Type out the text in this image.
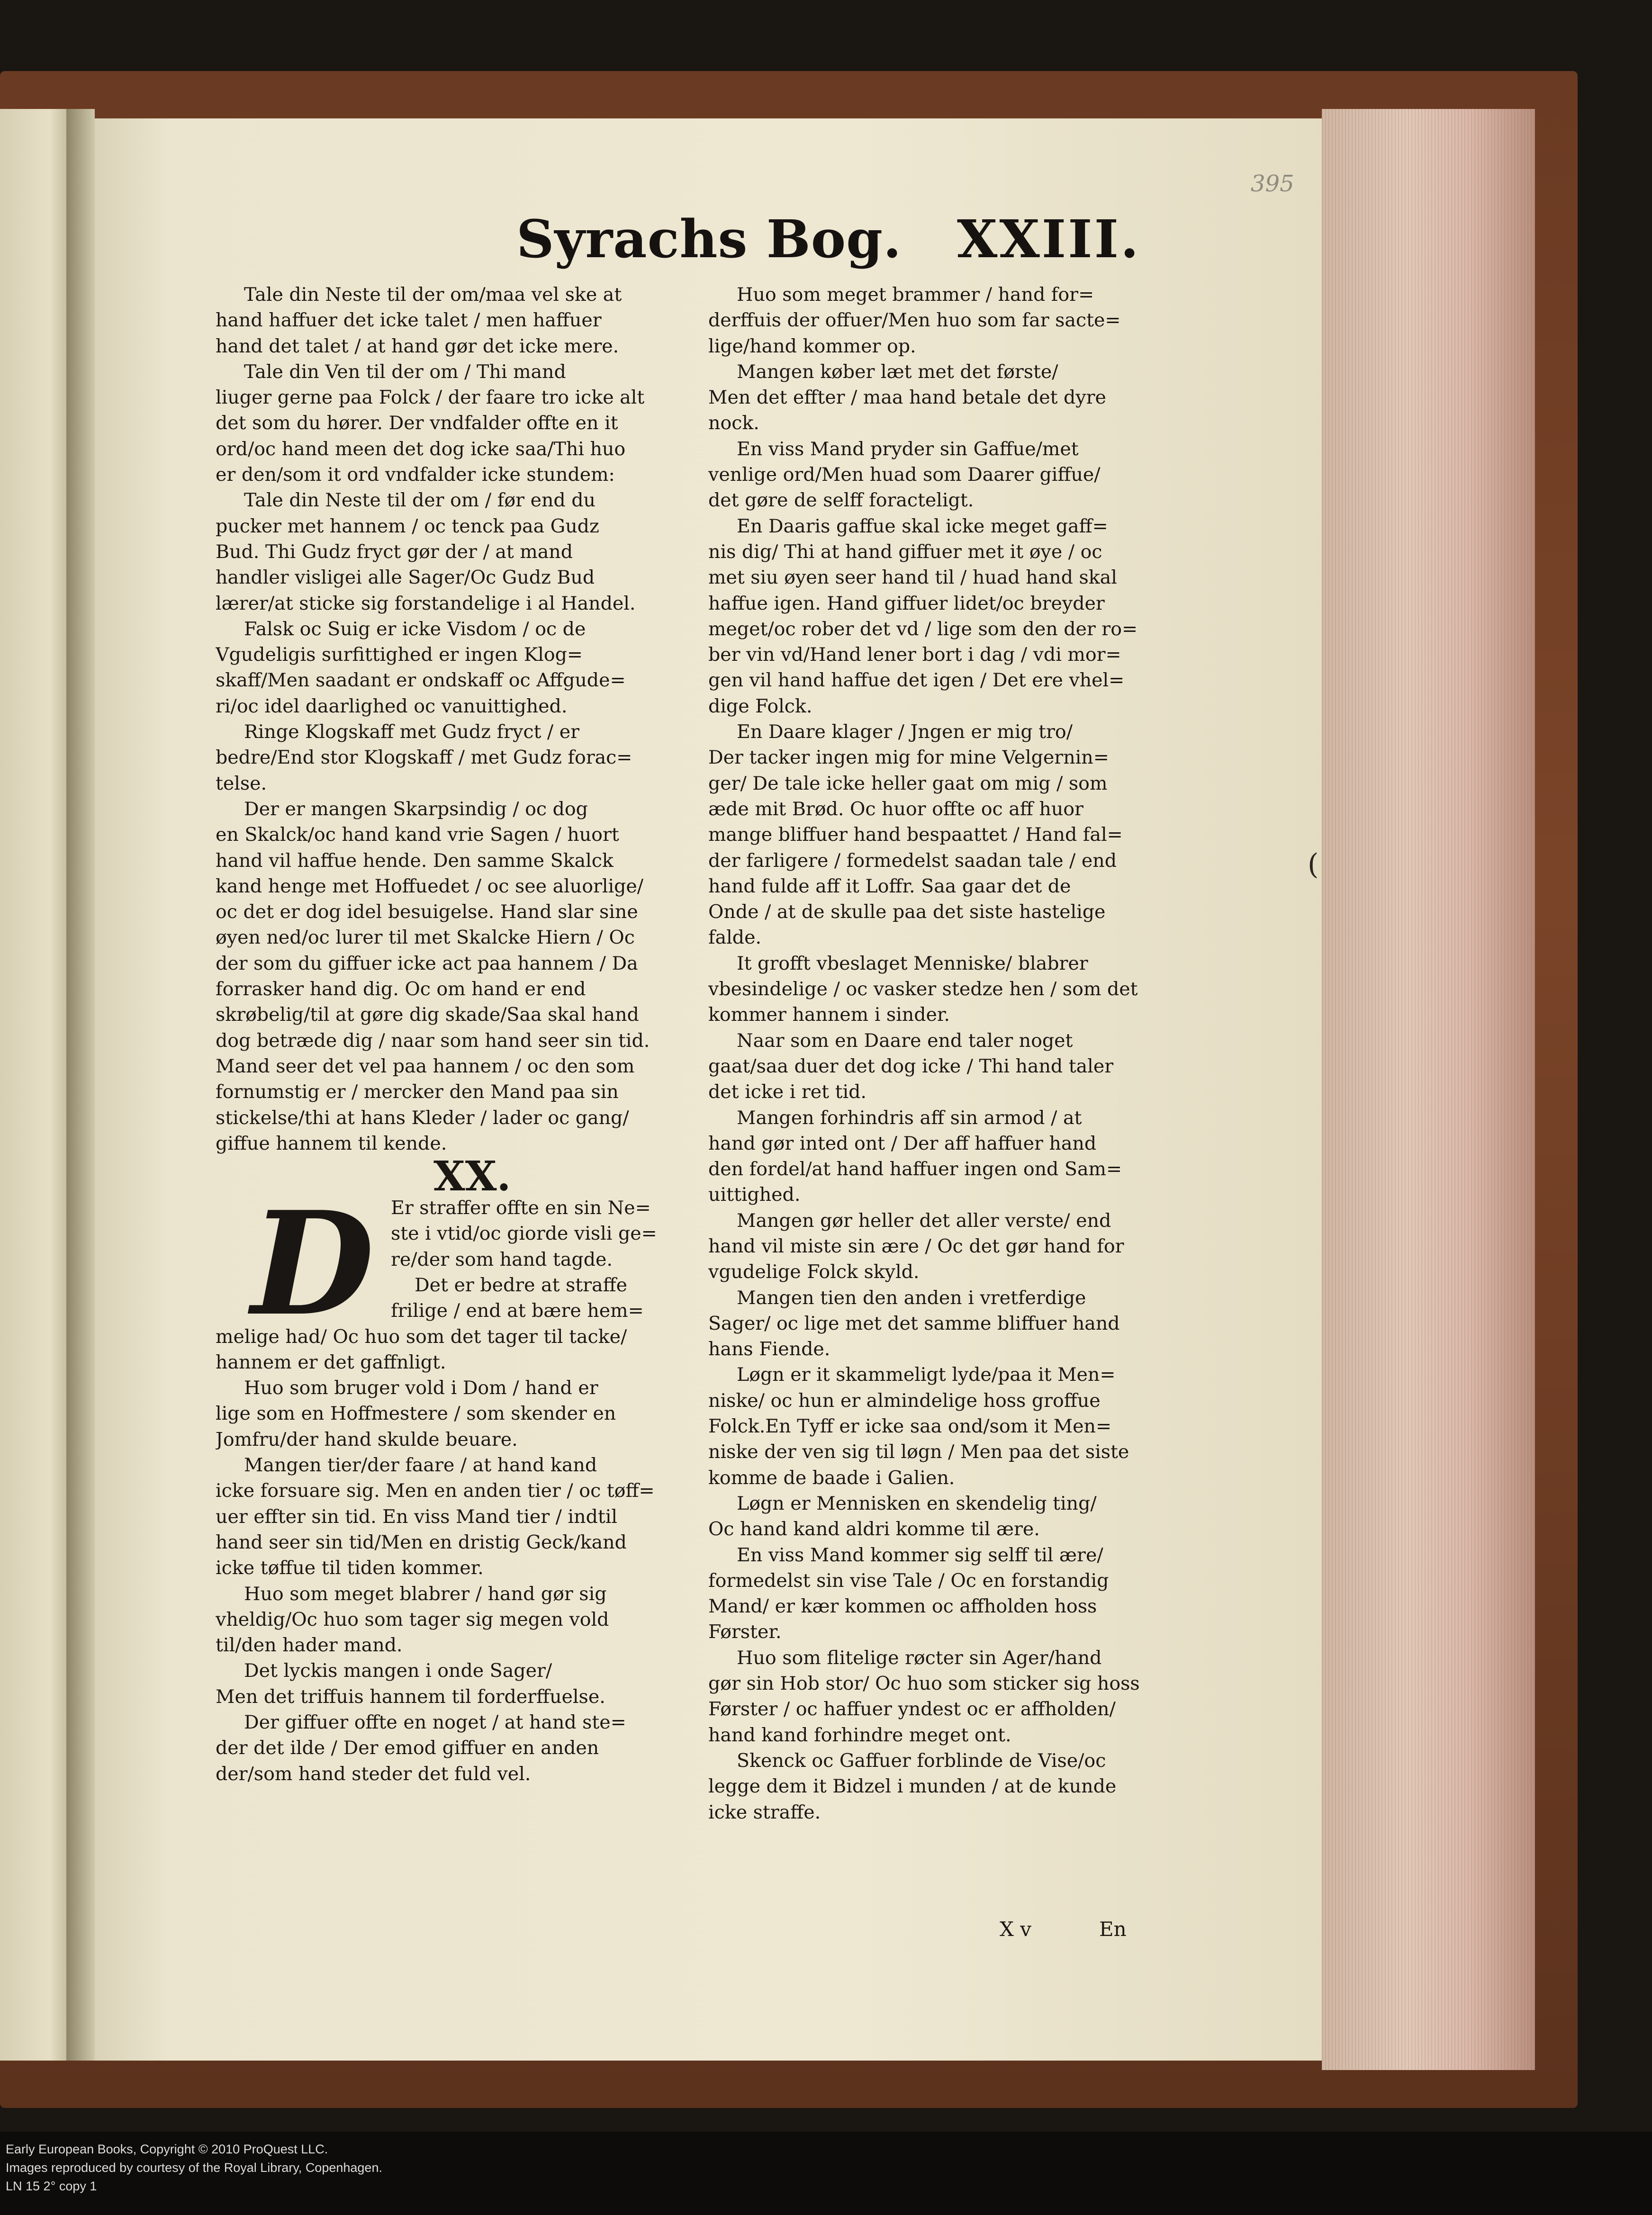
395
Syrachs Bog. XXIII.
(
Tale din Neste til der om/maa vel ske at
hand haffuer det icke talet / men haffuer
hand det talet / at hand gør det icke mere.
Tale din Ven til der om / Thi mand
liuger gerne paa Folck / der faare tro icke alt
det som du hører. Der vndfalder offte en it
ord/oc hand meen det dog icke saa/Thi huo
er den/som it ord vndfalder icke stundem:
Tale din Neste til der om / før end du
pucker met hannem / oc tenck paa Gudz
Bud. Thi Gudz fryct gør der / at mand
handler visligei alle Sager/Oc Gudz Bud
lærer/at sticke sig forstandelige i al Handel.
Falsk oc Suig er icke Visdom / oc de
Vgudeligis surfittighed er ingen Klog=
skaff/Men saadant er ondskaff oc Affgude=
ri/oc idel daarlighed oc vanuittighed.
Ringe Klogskaff met Gudz fryct / er
bedre/End stor Klogskaff / met Gudz forac=
telse.
Der er mangen Skarpsindig / oc dog
en Skalck/oc hand kand vrie Sagen / huort
hand vil haffue hende. Den samme Skalck
kand henge met Hoffuedet / oc see aluorlige/
oc det er dog idel besuigelse. Hand slar sine
øyen ned/oc lurer til met Skalcke Hiern / Oc
der som du giffuer icke act paa hannem / Da
forrasker hand dig. Oc om hand er end
skrøbelig/til at gøre dig skade/Saa skal hand
dog betræde dig / naar som hand seer sin tid.
Mand seer det vel paa hannem / oc den som
fornumstig er / mercker den Mand paa sin
stickelse/thi at hans Kleder / lader oc gang/
giffue hannem til kende.
XX.
D Er straffer offte en sin Ne=
ste i vtid/oc giorde visli ge=
re/der som hand tagde.
Det er bedre at straffe
frilige / end at bære hem=
melige had/ Oc huo som det tager til tacke/
hannem er det gaffnligt.
Huo som bruger vold i Dom / hand er
lige som en Hoffmestere / som skender en
Jomfru/der hand skulde beuare.
Mangen tier/der faare / at hand kand
icke forsuare sig. Men en anden tier / oc tøff=
uer effter sin tid. En viss Mand tier / indtil
hand seer sin tid/Men en dristig Geck/kand
icke tøffue til tiden kommer.
Huo som meget blabrer / hand gør sig
vheldig/Oc huo som tager sig megen vold
til/den hader mand.
Det lyckis mangen i onde Sager/
Men det triffuis hannem til forderffuelse.
Der giffuer offte en noget / at hand ste=
der det ilde / Der emod giffuer en anden
der/som hand steder det fuld vel.
Huo som meget brammer / hand for=
derffuis der offuer/Men huo som far sacte=
lige/hand kommer op.
Mangen køber læt met det første/
Men det effter / maa hand betale det dyre
nock.
En viss Mand pryder sin Gaffue/met
venlige ord/Men huad som Daarer giffue/
det gøre de selff foracteligt.
En Daaris gaffue skal icke meget gaff=
nis dig/ Thi at hand giffuer met it øye / oc
met siu øyen seer hand til / huad hand skal
haffue igen. Hand giffuer lidet/oc breyder
meget/oc rober det vd / lige som den der ro=
ber vin vd/Hand lener bort i dag / vdi mor=
gen vil hand haffue det igen / Det ere vhel=
dige Folck.
En Daare klager / Jngen er mig tro/
Der tacker ingen mig for mine Velgernin=
ger/ De tale icke heller gaat om mig / som
æde mit Brød. Oc huor offte oc aff huor
mange bliffuer hand bespaattet / Hand fal=
der farligere / formedelst saadan tale / end
hand fulde aff it Loffr. Saa gaar det de
Onde / at de skulle paa det siste hastelige
falde.
It grofft vbeslaget Menniske/ blabrer
vbesindelige / oc vasker stedze hen / som det
kommer hannem i sinder.
Naar som en Daare end taler noget
gaat/saa duer det dog icke / Thi hand taler
det icke i ret tid.
Mangen forhindris aff sin armod / at
hand gør inted ont / Der aff haffuer hand
den fordel/at hand haffuer ingen ond Sam=
uittighed.
Mangen gør heller det aller verste/ end
hand vil miste sin ære / Oc det gør hand for
vgudelige Folck skyld.
Mangen tien den anden i vretferdige
Sager/ oc lige met det samme bliffuer hand
hans Fiende.
Løgn er it skammeligt lyde/paa it Men=
niske/ oc hun er almindelige hoss groffue
Folck.En Tyff er icke saa ond/som it Men=
niske der ven sig til løgn / Men paa det siste
komme de baade i Galien.
Løgn er Mennisken en skendelig ting/
Oc hand kand aldri komme til ære.
En viss Mand kommer sig selff til ære/
formedelst sin vise Tale / Oc en forstandig
Mand/ er kær kommen oc affholden hoss
Førster.
Huo som flitelige røcter sin Ager/hand
gør sin Hob stor/ Oc huo som sticker sig hoss
Førster / oc haffuer yndest oc er affholden/
hand kand forhindre meget ont.
Skenck oc Gaffuer forblinde de Vise/oc
legge dem it Bidzel i munden / at de kunde
icke straffe.
X v	En
Early European Books, Copyright © 2010 ProQuest LLC.
Images reproduced by courtesy of the Royal Library, Copenhagen.
LN 15 2° copy 1
